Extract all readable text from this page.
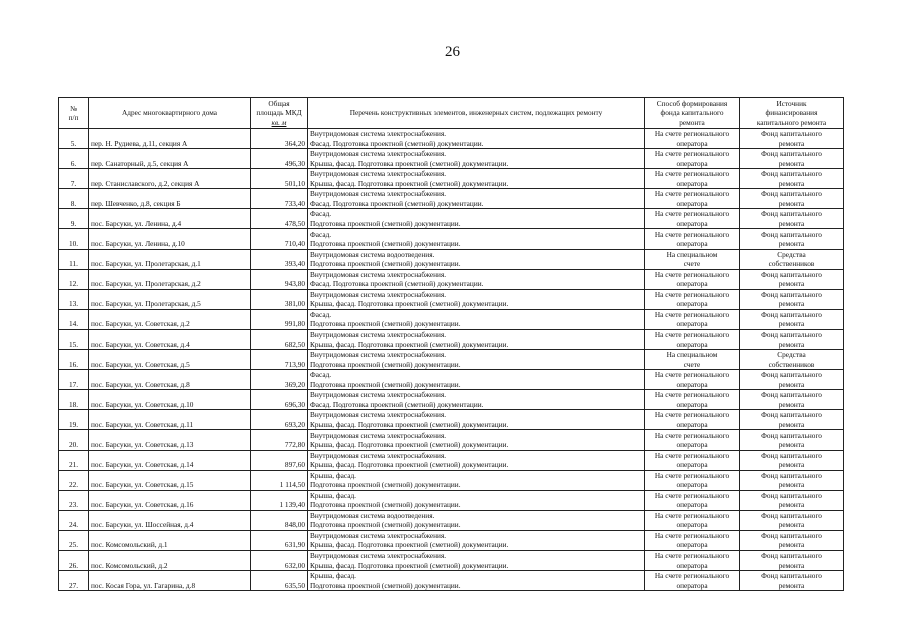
26
№
п/п	Адрес многоквартирного дома	Общая
площадь МКД
кв. м	Перечень конструктивных элементов, инженерных систем, подлежащих ремонту	Способ формирования
фонда капитального
ремонта	Источник
финансирования
капитального ремонта
5.	пер. Н. Рудиева, д.11, секция А	364,20	Внутридомовая система электроснабжения.
Фасад. Подготовка проектной (сметной) документации.	На счете регионального
оператора	Фонд капитального
ремонта
6.	пер. Санаторный, д.5, секция А	496,30	Внутридомовая система электроснабжения.
Крыша, фасад. Подготовка проектной (сметной) документации.	На счете регионального
оператора	Фонд капитального
ремонта
7.	пер. Станиславского, д.2, секция А	501,10	Внутридомовая система электроснабжения.
Крыша, фасад. Подготовка проектной (сметной) документации.	На счете регионального
оператора	Фонд капитального
ремонта
8.	пер. Шевченко, д.8, секция Б	733,40	Внутридомовая система электроснабжения.
Фасад. Подготовка проектной (сметной) документации.	На счете регионального
оператора	Фонд капитального
ремонта
9.	пос. Барсуки, ул. Ленина, д.4	478,50	Фасад.
Подготовка проектной (сметной) документации.	На счете регионального
оператора	Фонд капитального
ремонта
10.	пос. Барсуки, ул. Ленина, д.10	710,40	Фасад.
Подготовка проектной (сметной) документации.	На счете регионального
оператора	Фонд капитального
ремонта
11.	пос. Барсуки, ул. Пролетарская, д.1	393,40	Внутридомовая система водоотведения.
Подготовка проектной (сметной) документации.	На специальном
счете	Средства
собственников
12.	пос. Барсуки, ул. Пролетарская, д.2	943,80	Внутридомовая система электроснабжения.
Фасад. Подготовка проектной (сметной) документации.	На счете регионального
оператора	Фонд капитального
ремонта
13.	пос. Барсуки, ул. Пролетарская, д.5	381,00	Внутридомовая система электроснабжения.
Крыша, фасад. Подготовка проектной (сметной) документации.	На счете регионального
оператора	Фонд капитального
ремонта
14.	пос. Барсуки, ул. Советская, д.2	991,80	Фасад.
Подготовка проектной (сметной) документации.	На счете регионального
оператора	Фонд капитального
ремонта
15.	пос. Барсуки, ул. Советская, д.4	682,50	Внутридомовая система электроснабжения.
Крыша, фасад. Подготовка проектной (сметной) документации.	На счете регионального
оператора	Фонд капитального
ремонта
16.	пос. Барсуки, ул. Советская, д.5	713,90	Внутридомовая система электроснабжения.
Подготовка проектной (сметной) документации.	На специальном
счете	Средства
собственников
17.	пос. Барсуки, ул. Советская, д.8	369,20	Фасад.
Подготовка проектной (сметной) документации.	На счете регионального
оператора	Фонд капитального
ремонта
18.	пос. Барсуки, ул. Советская, д.10	696,30	Внутридомовая система электроснабжения.
Фасад. Подготовка проектной (сметной) документации.	На счете регионального
оператора	Фонд капитального
ремонта
19.	пос. Барсуки, ул. Советская, д.11	693,20	Внутридомовая система электроснабжения.
Крыша, фасад. Подготовка проектной (сметной) документации.	На счете регионального
оператора	Фонд капитального
ремонта
20.	пос. Барсуки, ул. Советская, д.13	772,80	Внутридомовая система электроснабжения.
Крыша, фасад. Подготовка проектной (сметной) документации.	На счете регионального
оператора	Фонд капитального
ремонта
21.	пос. Барсуки, ул. Советская, д.14	897,60	Внутридомовая система электроснабжения.
Крыша, фасад. Подготовка проектной (сметной) документации.	На счете регионального
оператора	Фонд капитального
ремонта
22.	пос. Барсуки, ул. Советская, д.15	1 114,50	Крыша, фасад.
Подготовка проектной (сметной) документации.	На счете регионального
оператора	Фонд капитального
ремонта
23.	пос. Барсуки, ул. Советская, д.16	1 139,40	Крыша, фасад.
Подготовка проектной (сметной) документации.	На счете регионального
оператора	Фонд капитального
ремонта
24.	пос. Барсуки, ул. Шоссейная, д.4	848,00	Внутридомовая система водоотведения.
Подготовка проектной (сметной) документации.	На счете регионального
оператора	Фонд капитального
ремонта
25.	пос. Комсомольский, д.1	631,90	Внутридомовая система электроснабжения.
Крыша, фасад. Подготовка проектной (сметной) документации.	На счете регионального
оператора	Фонд капитального
ремонта
26.	пос. Комсомольский, д.2	632,00	Внутридомовая система электроснабжения.
Крыша, фасад. Подготовка проектной (сметной) документации.	На счете регионального
оператора	Фонд капитального
ремонта
27.	пос. Косая Гора, ул. Гагарина, д.8	635,50	Крыша, фасад.
Подготовка проектной (сметной) документации.	На счете регионального
оператора	Фонд капитального
ремонта
